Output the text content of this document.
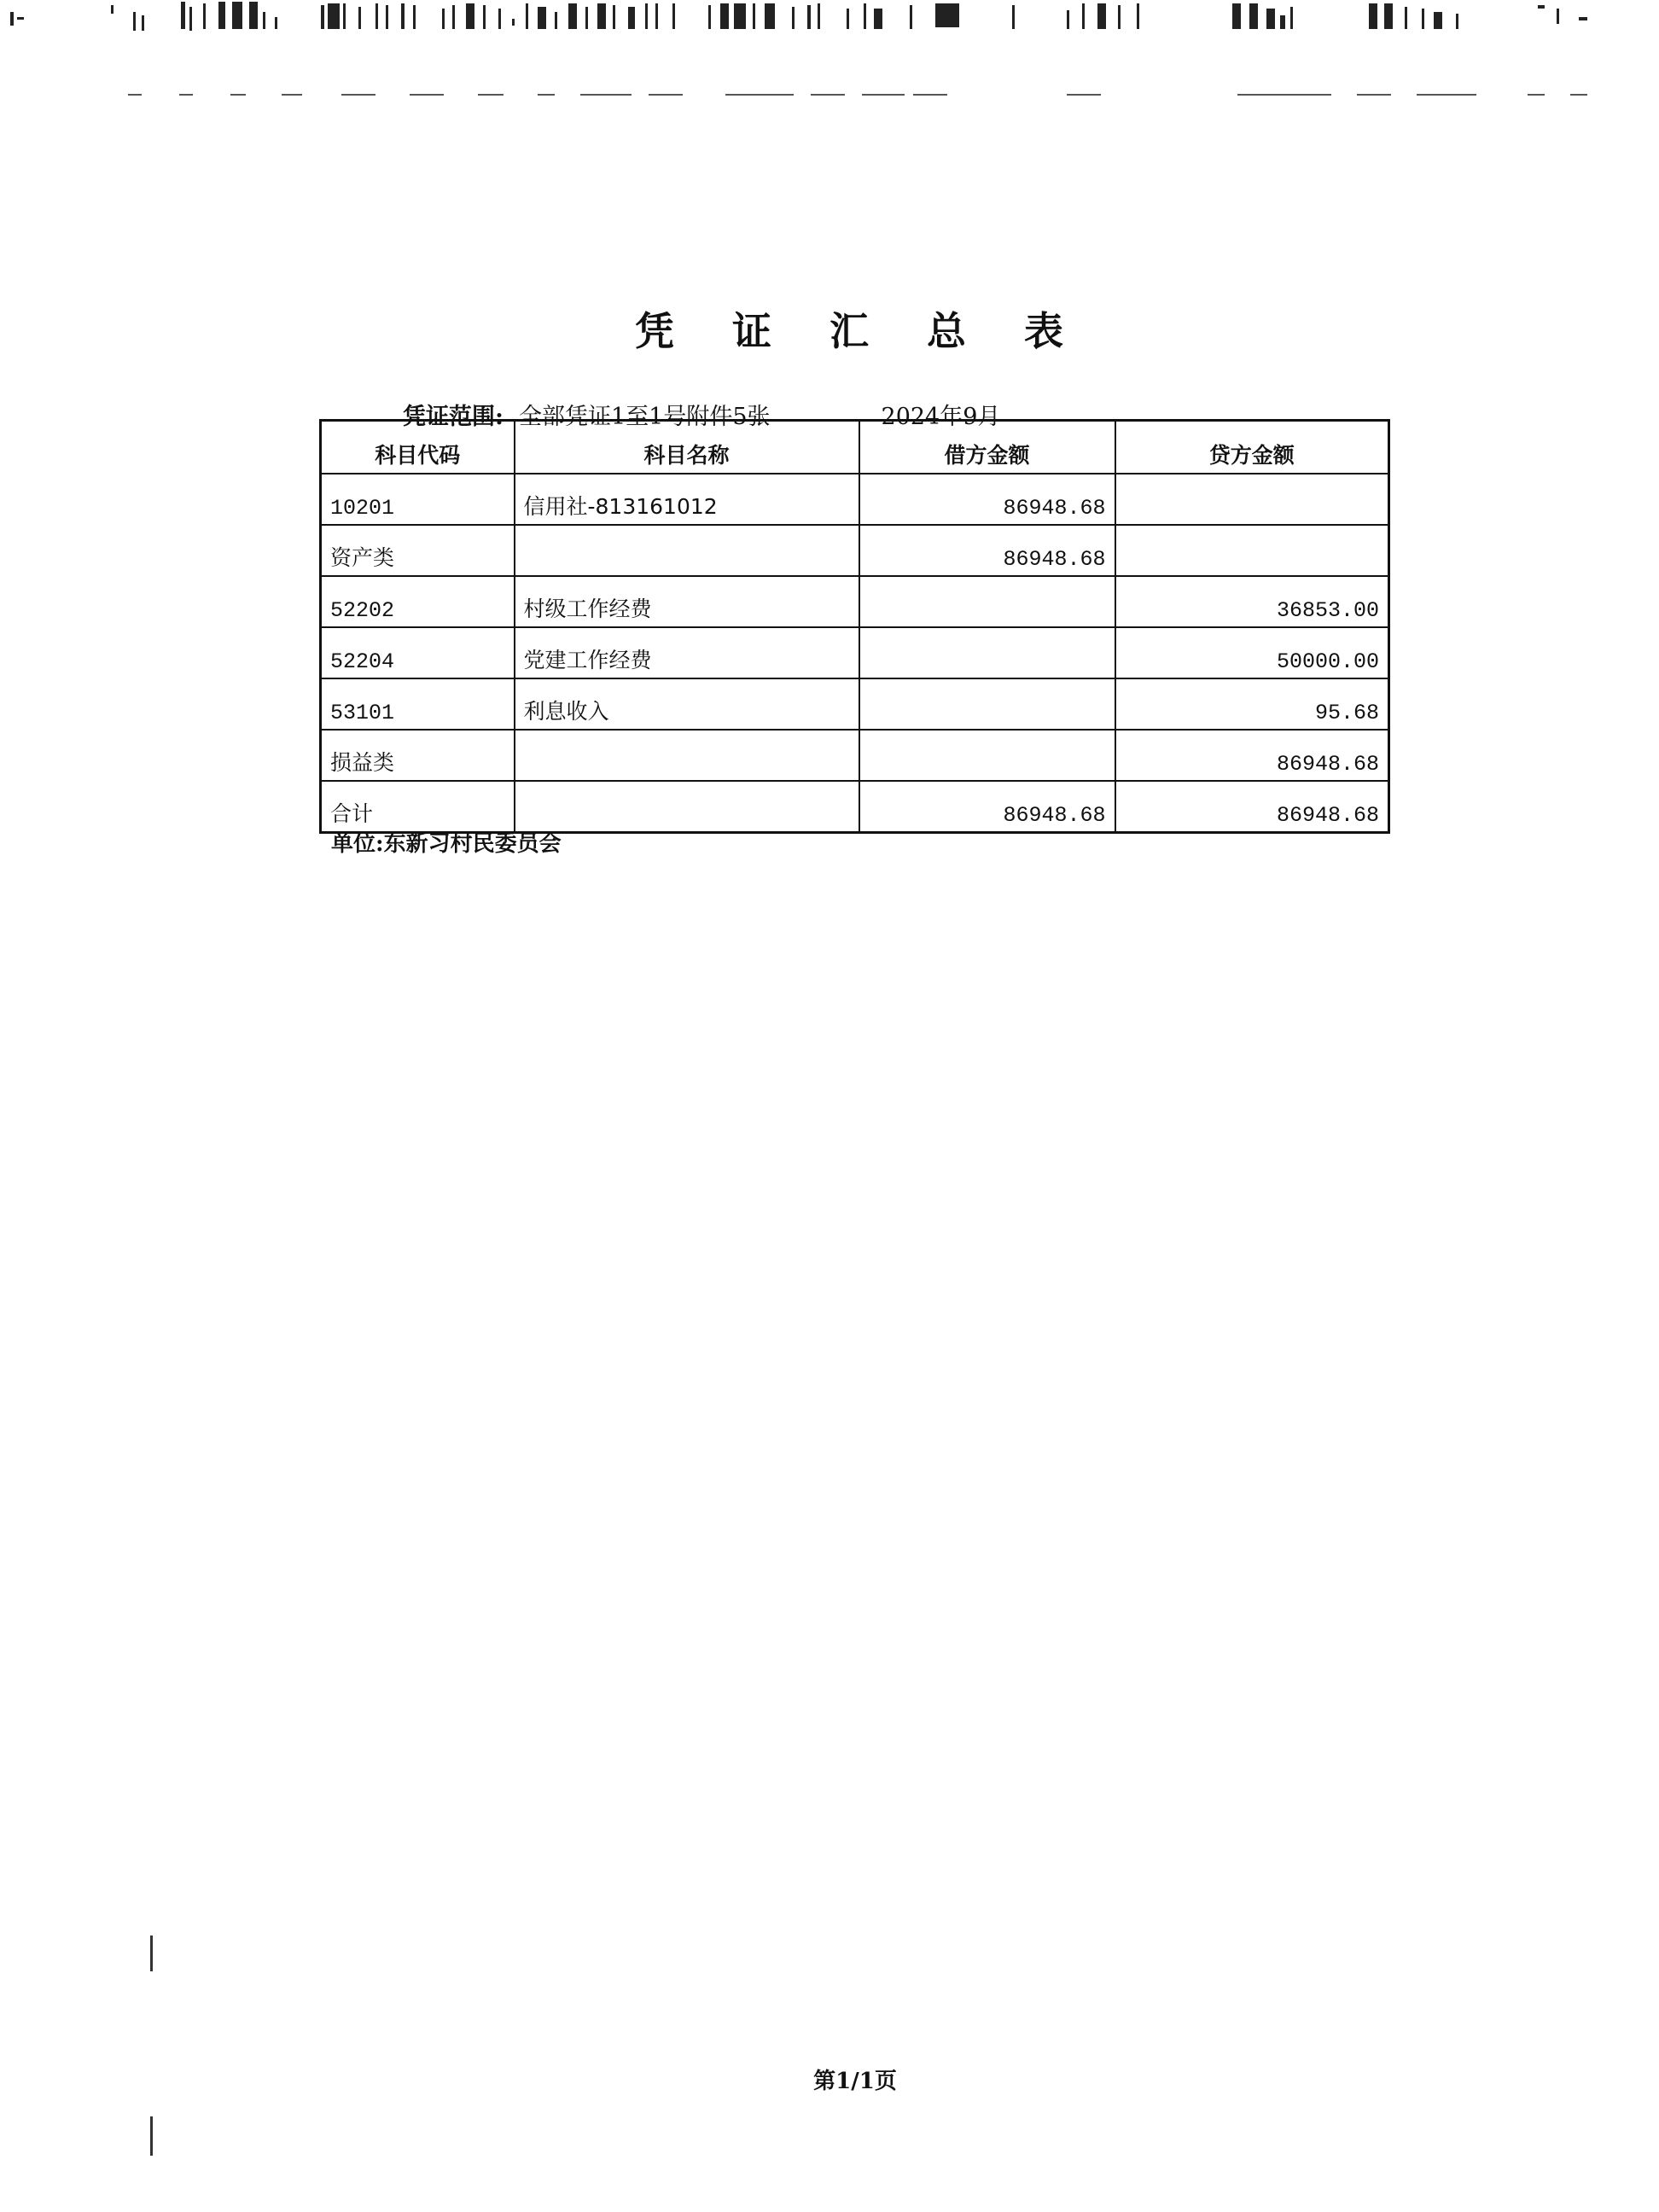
凭 证 汇 总 表
凭证范围: 全部凭证1至1号附件5张	2024年9月
科目代码	科目名称	借方金额	贷方金额
10201	信用社-813161012	86948.68	
资产类		86948.68	
52202	村级工作经费		36853.00
52204	党建工作经费		50000.00
53101	利息收入		95.68
损益类			86948.68
合计		86948.68	86948.68
单位:东新习村民委员会
第1/1页
